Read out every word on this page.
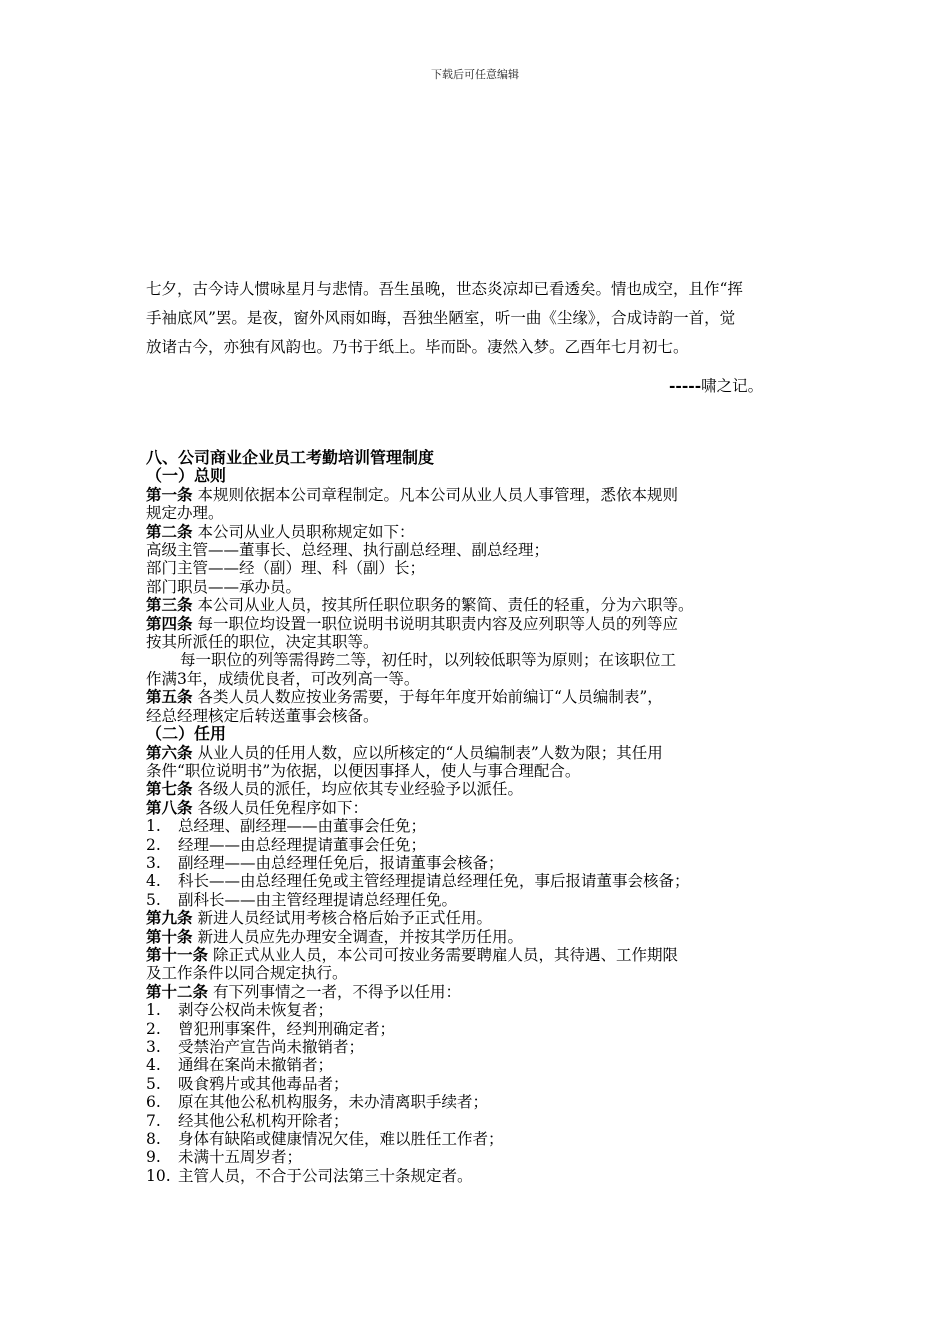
下载后可任意编辑

七夕，古今诗人惯咏星月与悲情。吾生虽晚，世态炎凉却已看透矣。情也成空，且作“挥

手袖底风”罢。是夜，窗外风雨如晦，吾独坐陋室，听一曲《尘缘》，合成诗韵一首，觉

放诸古今，亦独有风韵也。乃书于纸上。毕而卧。凄然入梦。乙酉年七月初七。

-----啸之记。
八、公司商业企业员工考勤培训管理制度
（一）总则
第一条 本规则依据本公司章程制定。凡本公司从业人员人事管理，悉依本规则
规定办理。
第二条 本公司从业人员职称规定如下：
高级主管——董事长、总经理、执行副总经理、副总经理；
部门主管——经（副）理、科（副）长；
部门职员——承办员。
第三条 本公司从业人员，按其所任职位职务的繁简、责任的轻重，分为六职等。
第四条 每一职位均设置一职位说明书说明其职责内容及应列职等人员的列等应
按其所派任的职位，决定其职等。
每一职位的列等需得跨二等，初任时，以列较低职等为原则；在该职位工
作满3年，成绩优良者，可改列高一等。
第五条 各类人员人数应按业务需要，于每年年度开始前编订“人员编制表”，
经总经理核定后转送董事会核备。
（二）任用
第六条 从业人员的任用人数，应以所核定的“人员编制表”人数为限；其任用
条件“职位说明书”为依据，以便因事择人，使人与事合理配合。
第七条 各级人员的派任，均应依其专业经验予以派任。
第八条 各级人员任免程序如下：
1. 总经理、副经理——由董事会任免；
2. 经理——由总经理提请董事会任免；
3. 副经理——由总经理任免后，报请董事会核备；
4. 科长——由总经理任免或主管经理提请总经理任免，事后报请董事会核备；
5. 副科长——由主管经理提请总经理任免。
第九条 新进人员经试用考核合格后始予正式任用。
第十条 新进人员应先办理安全调查，并按其学历任用。
第十一条 除正式从业人员，本公司可按业务需要聘雇人员，其待遇、工作期限
及工作条件以同合规定执行。
第十二条 有下列事情之一者，不得予以任用：
1. 剥夺公权尚未恢复者；
2. 曾犯刑事案件，经判刑确定者；
3. 受禁治产宣告尚未撤销者；
4. 通缉在案尚未撤销者；
5. 吸食鸦片或其他毒品者；
6. 原在其他公私机构服务，未办清离职手续者；
7. 经其他公私机构开除者；
8. 身体有缺陷或健康情况欠佳，难以胜任工作者；
9. 未满十五周岁者；
10. 主管人员，不合于公司法第三十条规定者。
